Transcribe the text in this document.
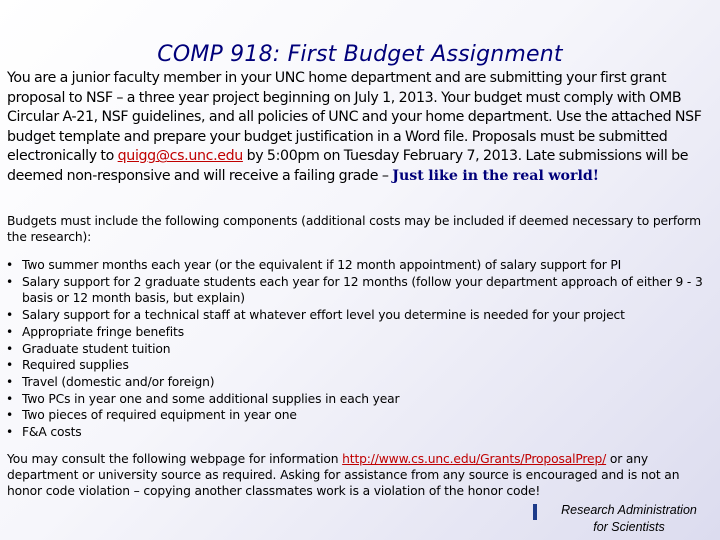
COMP 918: First Budget Assignment
You are a junior faculty member in your UNC home department and are submitting your first grant proposal to NSF – a three year project beginning on July 1, 2013. Your budget must comply with OMB Circular A-21, NSF guidelines, and all policies of UNC and your home department. Use the attached NSF budget template and prepare your budget justification in a Word file. Proposals must be submitted electronically to quigg@cs.unc.edu by 5:00pm on Tuesday February 7, 2013. Late submissions will be deemed non-responsive and will receive a failing grade – Just like in the real world!
Budgets must include the following components (additional costs may be included if deemed necessary to perform the research):
• Two summer months each year (or the equivalent if 12 month appointment) of salary support for PI
• Salary support for 2 graduate students each year for 12 months (follow your department approach of either 9 - 3 basis or 12 month basis, but explain)
• Salary support for a technical staff at whatever effort level you determine is needed for your project
• Appropriate fringe benefits
• Graduate student tuition
• Required supplies
• Travel (domestic and/or foreign)
• Two PCs in year one and some additional supplies in each year
• Two pieces of required equipment in year one
• F&A costs
You may consult the following webpage for information http://www.cs.unc.edu/Grants/ProposalPrep/ or any department or university source as required. Asking for assistance from any source is encouraged and is not an honor code violation – copying another classmates work is a violation of the honor code!
Research Administration
for Scientists
